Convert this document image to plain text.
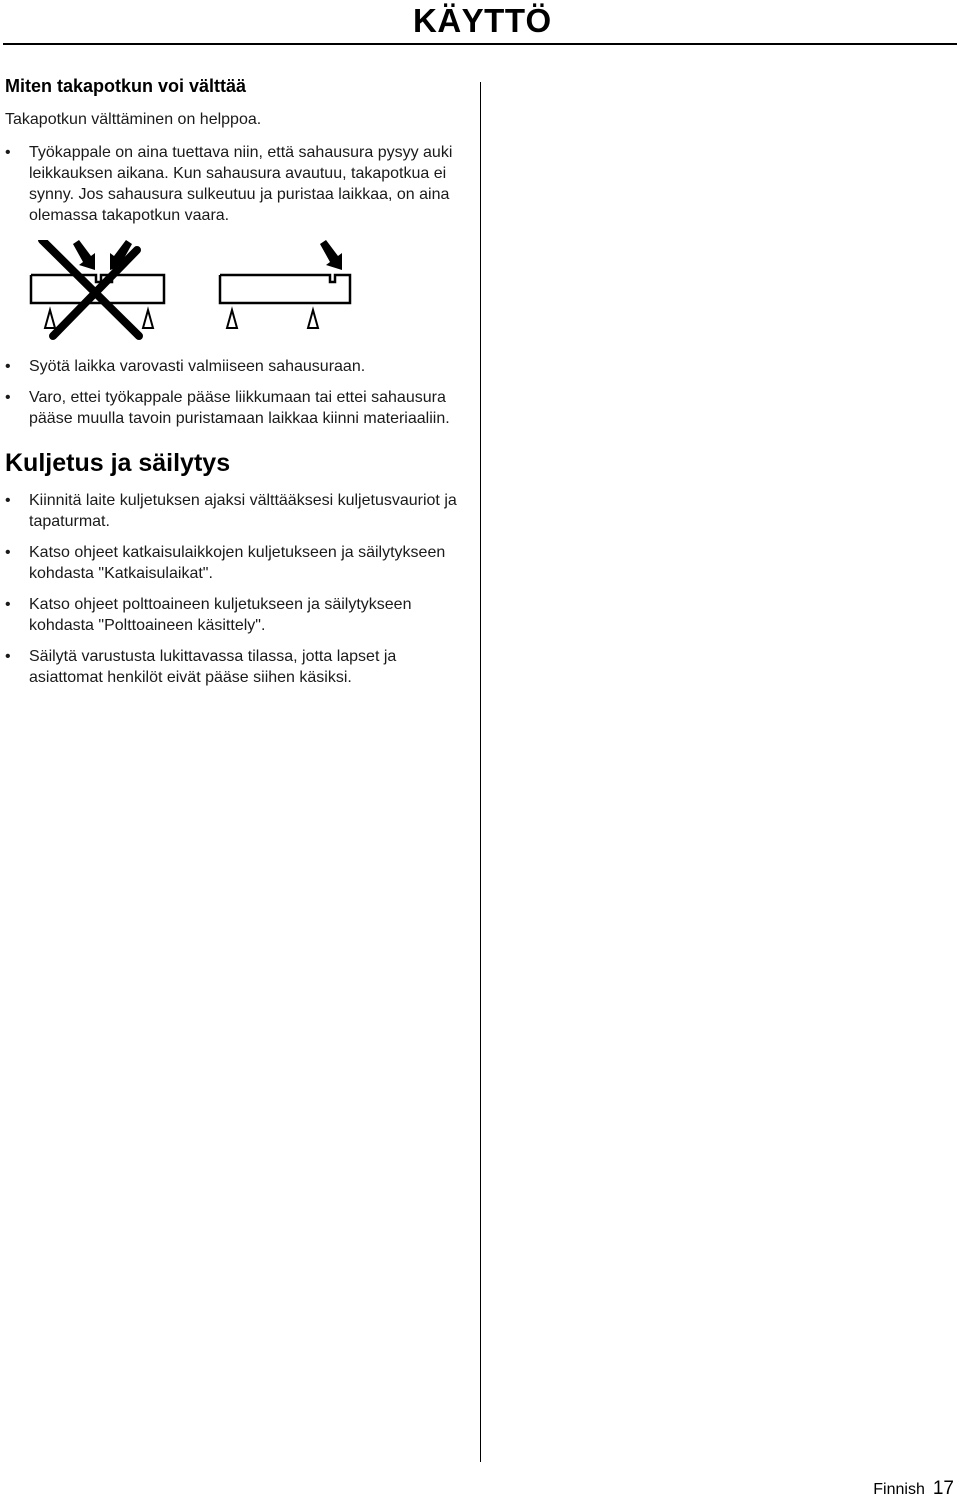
KÄYTTÖ
Miten takapotkun voi välttää
Takapotkun välttäminen on helppoa.
• Työkappale on aina tuettava niin, että sahausura pysyy auki leikkauksen aikana. Kun sahausura avautuu, takapotkua ei synny. Jos sahausura sulkeutuu ja puristaa laikkaa, on aina olemassa takapotkun vaara.
• Syötä laikka varovasti valmiiseen sahausuraan.
• Varo, ettei työkappale pääse liikkumaan tai ettei sahausura pääse muulla tavoin puristamaan laikkaa kiinni materiaaliin.
Kuljetus ja säilytys
• Kiinnitä laite kuljetuksen ajaksi välttääksesi kuljetusvauriot ja tapaturmat.
• Katso ohjeet katkaisulaikkojen kuljetukseen ja säilytykseen kohdasta "Katkaisulaikat".
• Katso ohjeet polttoaineen kuljetukseen ja säilytykseen kohdasta "Polttoaineen käsittely".
• Säilytä varustusta lukittavassa tilassa, jotta lapset ja asiattomat henkilöt eivät pääse siihen käsiksi.
Finnish 17
